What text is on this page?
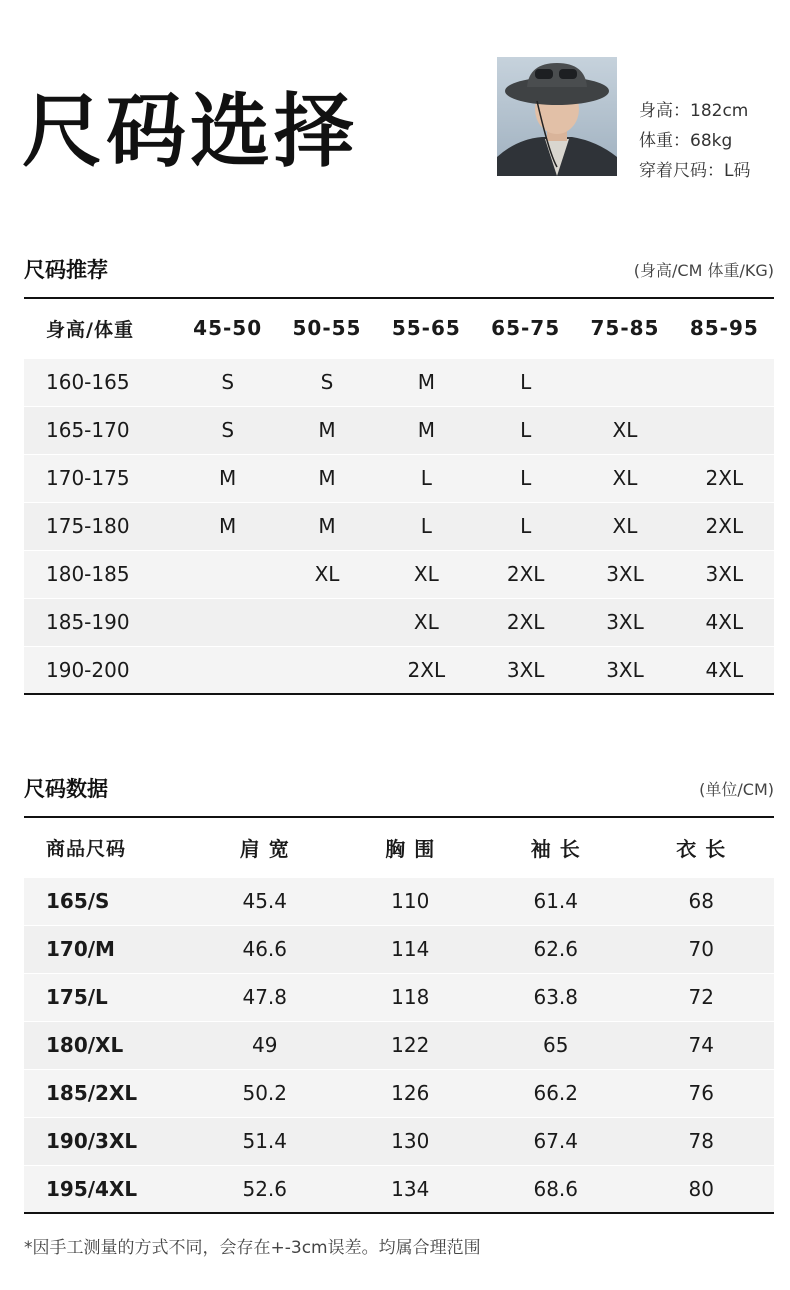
尺码选择	身高：182cm
体重：68kg
穿着尺码：L码
尺码推荐	(身高/CM 体重/KG)
身高/体重	45-50	50-55	55-65	65-75	75-85	85-95
160-165	S	S	M	L		
165-170	S	M	M	L	XL	
170-175	M	M	L	L	XL	2XL
175-180	M	M	L	L	XL	2XL
180-185		XL	XL	2XL	3XL	3XL
185-190			XL	2XL	3XL	4XL
190-200			2XL	3XL	3XL	4XL
尺码数据	(单位/CM)
商品尺码	肩 宽	胸 围	袖 长	衣 长
165/S	45.4	110	61.4	68
170/M	46.6	114	62.6	70
175/L	47.8	118	63.8	72
180/XL	49	122	65	74
185/2XL	50.2	126	66.2	76
190/3XL	51.4	130	67.4	78
195/4XL	52.6	134	68.6	80
*因手工测量的方式不同，会存在+-3cm误差。均属合理范围
